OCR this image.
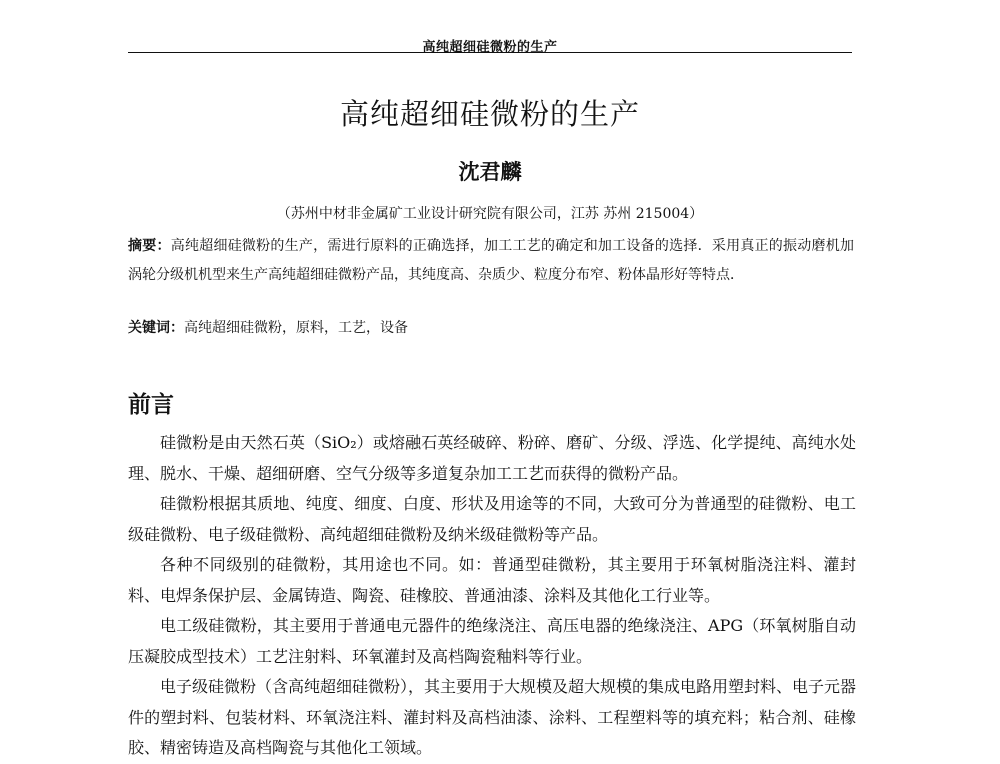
高纯超细硅微粉的生产
高纯超细硅微粉的生产
沈君麟
（苏州中材非金属矿工业设计研究院有限公司，江苏 苏州 215004）
摘要：高纯超细硅微粉的生产，需进行原料的正确选择，加工工艺的确定和加工设备的选择．采用真正的振动磨机加涡轮分级机机型来生产高纯超细硅微粉产品，其纯度高、杂质少、粒度分布窄、粉体晶形好等特点．
关键词：高纯超细硅微粉，原料，工艺，设备
前言

硅微粉是由天然石英（SiO₂）或熔融石英经破碎、粉碎、磨矿、分级、浮选、化学提纯、高纯水处理、脱水、干燥、超细研磨、空气分级等多道复杂加工工艺而获得的微粉产品。

硅微粉根据其质地、纯度、细度、白度、形状及用途等的不同，大致可分为普通型的硅微粉、电工级硅微粉、电子级硅微粉、高纯超细硅微粉及纳米级硅微粉等产品。

各种不同级别的硅微粉，其用途也不同。如：普通型硅微粉，其主要用于环氧树脂浇注料、灌封料、电焊条保护层、金属铸造、陶瓷、硅橡胶、普通油漆、涂料及其他化工行业等。

电工级硅微粉，其主要用于普通电元器件的绝缘浇注、高压电器的绝缘浇注、APG（环氧树脂自动压凝胶成型技术）工艺注射料、环氧灌封及高档陶瓷釉料等行业。

电子级硅微粉（含高纯超细硅微粉），其主要用于大规模及超大规模的集成电路用塑封料、电子元器件的塑封料、包装材料、环氧浇注料、灌封料及高档油漆、涂料、工程塑料等的填充料；粘合剂、硅橡胶、精密铸造及高档陶瓷与其他化工领域。
